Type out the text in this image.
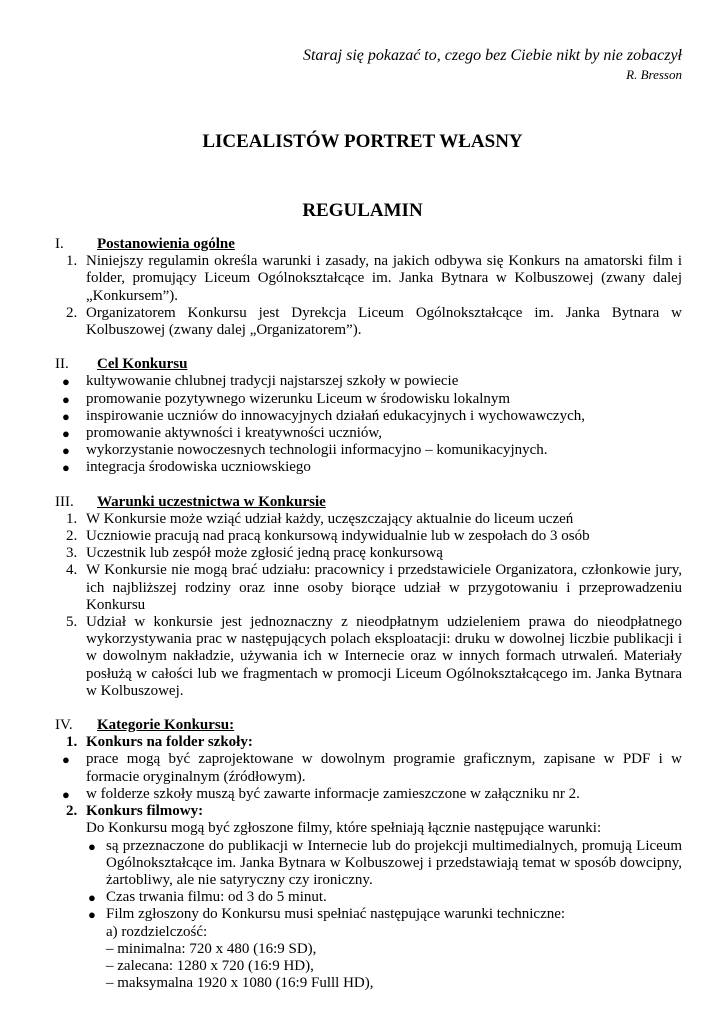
Staraj się pokazać to, czego bez Ciebie nikt by nie zobaczył
R. Bresson
LICEALISTÓW PORTRET WŁASNY
REGULAMIN
I. Postanowienia ogólne
1. Niniejszy regulamin określa warunki i zasady, na jakich odbywa się Konkurs na amatorski film i folder, promujący Liceum Ogólnokształcące im. Janka Bytnara w Kolbuszowej (zwany dalej „Konkursem”).
2. Organizatorem Konkursu jest Dyrekcja Liceum Ogólnokształcące im. Janka Bytnara w Kolbuszowej (zwany dalej „Organizatorem”).
II. Cel Konkursu
● kultywowanie chlubnej tradycji najstarszej szkoły w powiecie
● promowanie pozytywnego wizerunku Liceum w środowisku lokalnym
● inspirowanie uczniów do innowacyjnych działań edukacyjnych i wychowawczych,
● promowanie aktywności i kreatywności uczniów,
● wykorzystanie nowoczesnych technologii informacyjno – komunikacyjnych.
● integracja środowiska uczniowskiego
III. Warunki uczestnictwa w Konkursie
1. W Konkursie może wziąć udział każdy, uczęszczający aktualnie do liceum uczeń
2. Uczniowie pracują nad pracą konkursową indywidualnie lub w zespołach do 3 osób
3. Uczestnik lub zespół może zgłosić jedną pracę konkursową
4. W Konkursie nie mogą brać udziału: pracownicy i przedstawiciele Organizatora, członkowie jury, ich najbliższej rodziny oraz inne osoby biorące udział w przygotowaniu i przeprowadzeniu Konkursu
5. Udział w konkursie jest jednoznaczny z nieodpłatnym udzieleniem prawa do nieodpłatnego wykorzystywania prac w następujących polach eksploatacji: druku w dowolnej liczbie publikacji i w dowolnym nakładzie, używania ich w Internecie oraz w innych formach utrwaleń. Materiały posłużą w całości lub we fragmentach w promocji Liceum Ogólnokształcącego im. Janka Bytnara w Kolbuszowej.
IV. Kategorie Konkursu:
1. Konkurs na folder szkoły:
● prace mogą być zaprojektowane w dowolnym programie graficznym, zapisane w PDF i w formacie oryginalnym (źródłowym).
● w folderze szkoły muszą być zawarte informacje zamieszczone w załączniku nr 2.
2. Konkurs filmowy:
Do Konkursu mogą być zgłoszone filmy, które spełniają łącznie następujące warunki:
● są przeznaczone do publikacji w Internecie lub do projekcji multimedialnych, promują Liceum Ogólnokształcące im. Janka Bytnara w Kolbuszowej i przedstawiają temat w sposób dowcipny, żartobliwy, ale nie satyryczny czy ironiczny.
● Czas trwania filmu: od 3 do 5 minut.
● Film zgłoszony do Konkursu musi spełniać następujące warunki techniczne:
a) rozdzielczość:
– minimalna: 720 x 480 (16:9 SD),
– zalecana: 1280 x 720 (16:9 HD),
– maksymalna 1920 x 1080 (16:9 Fulll HD),
